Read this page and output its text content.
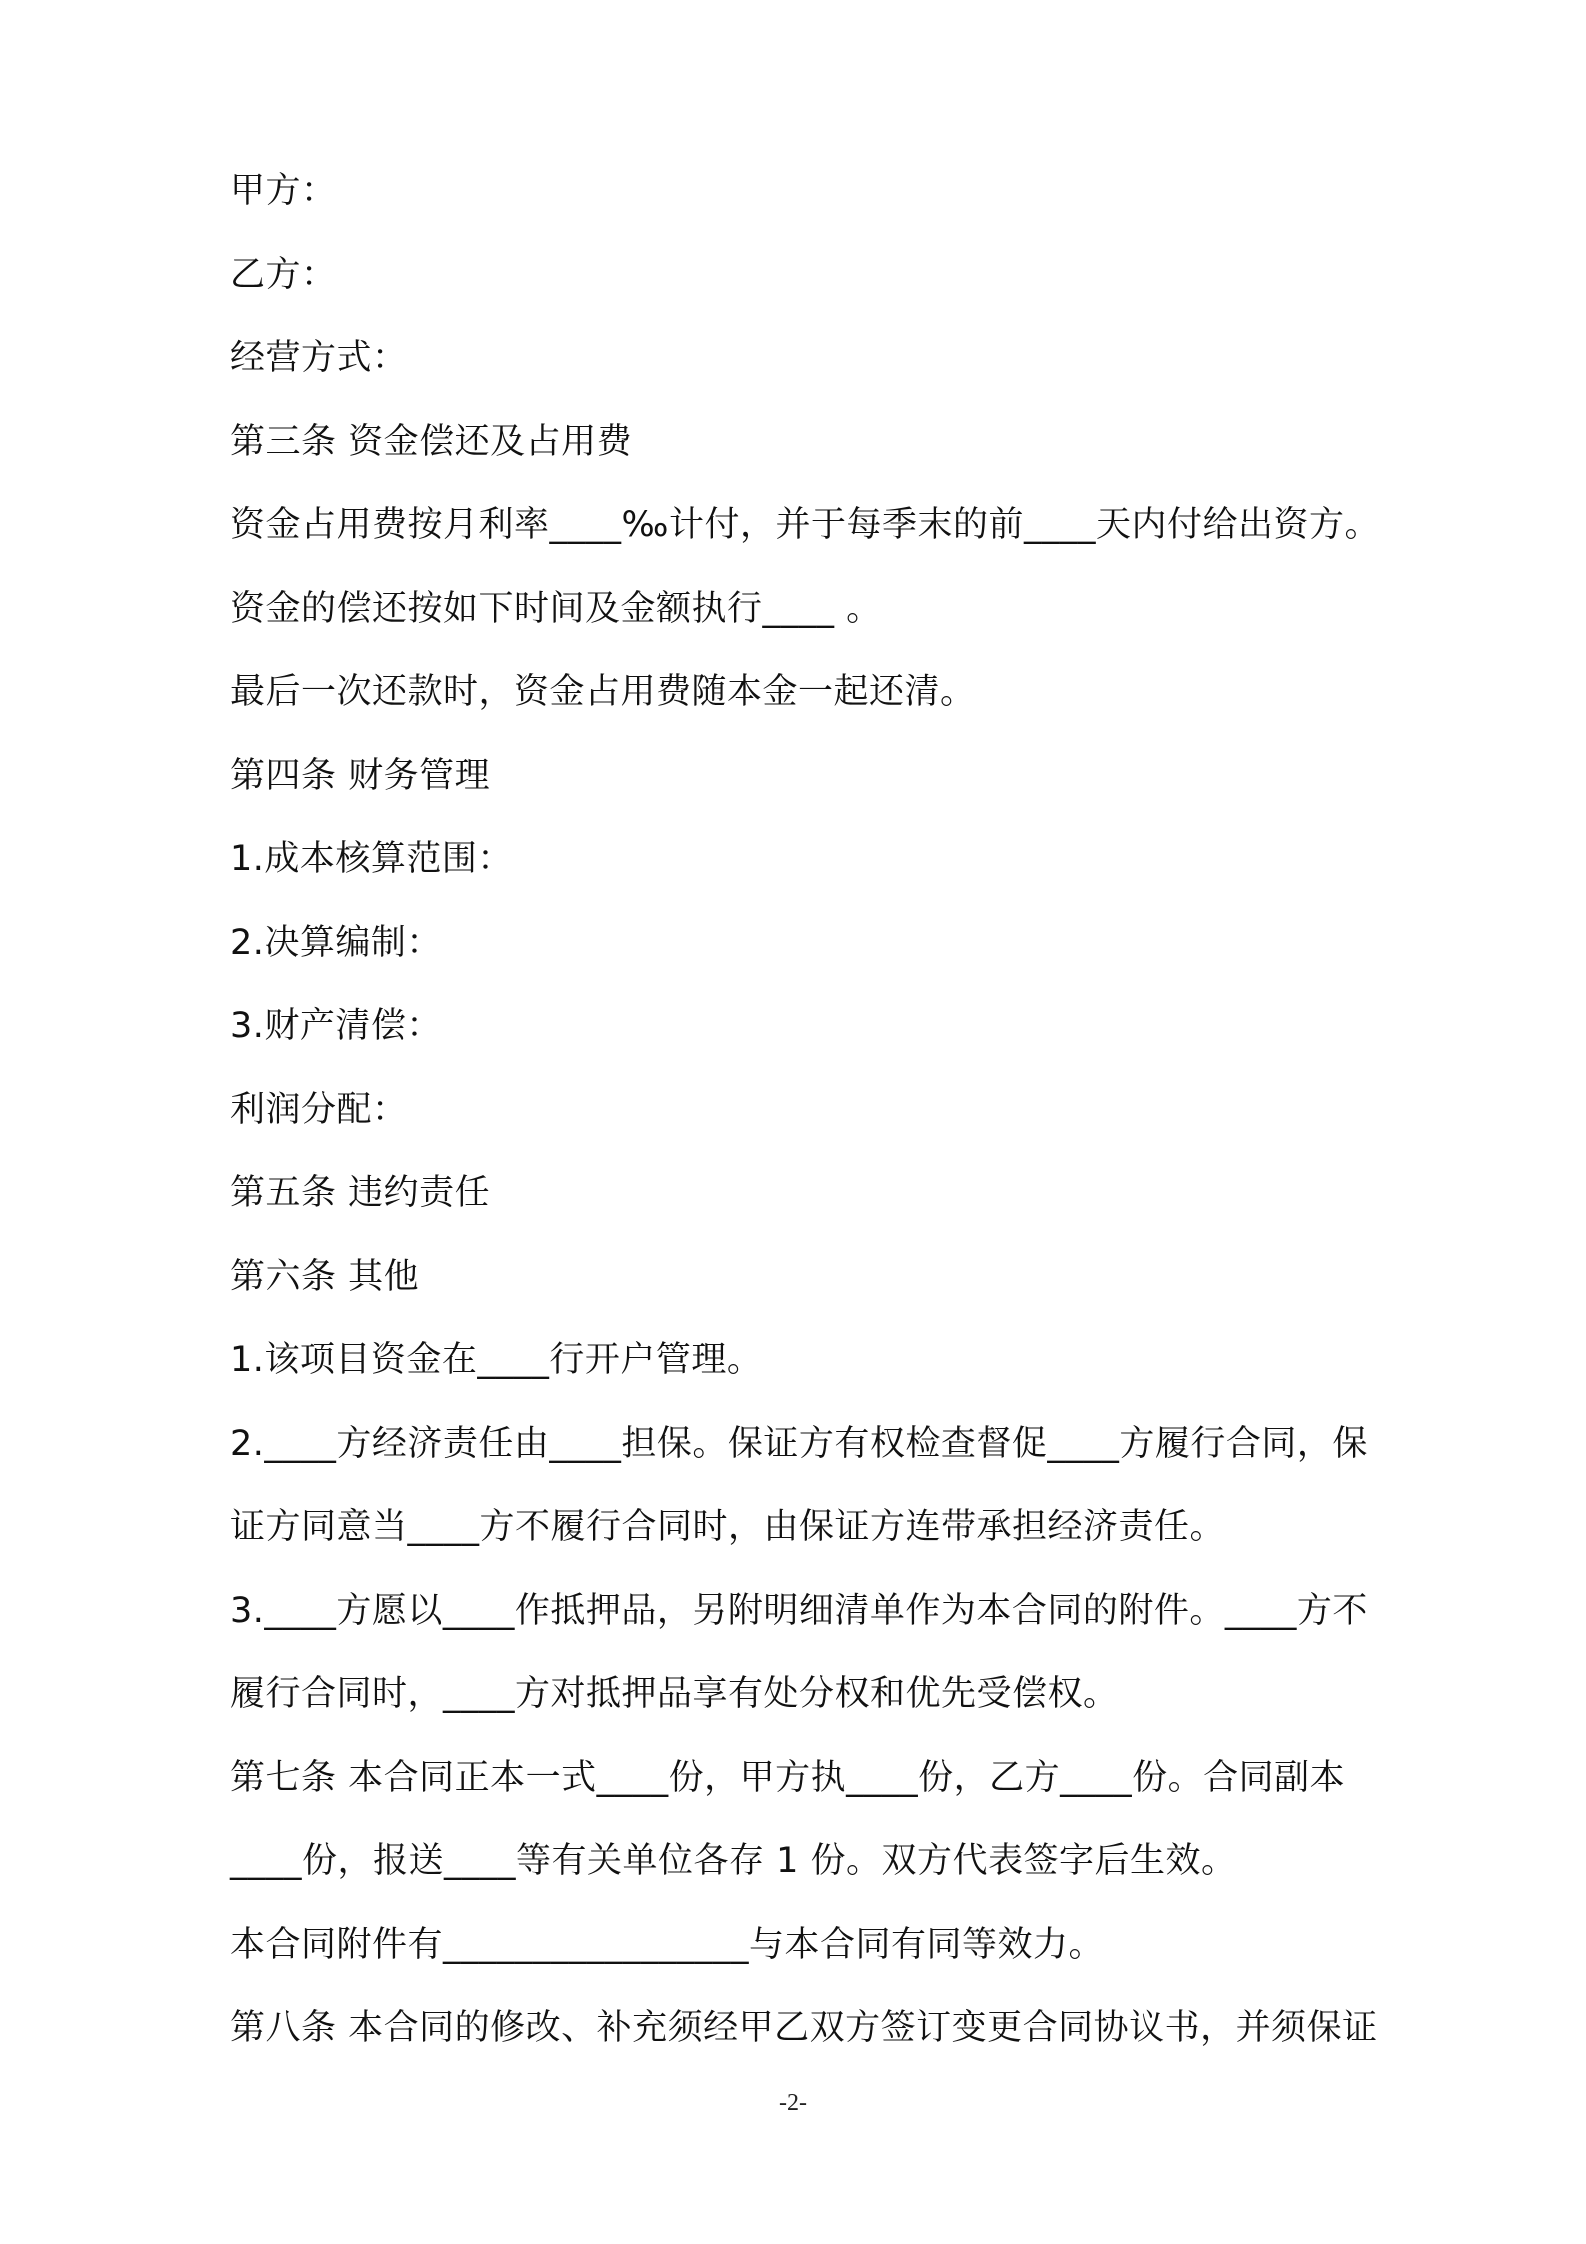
甲方：
乙方：
经营方式：
第三条 资金偿还及占用费
资金占用费按月利率____‰计付，并于每季末的前____天内付给出资方。
资金的偿还按如下时间及金额执行____ 。
最后一次还款时，资金占用费随本金一起还清。
第四条 财务管理
1.成本核算范围：
2.决算编制：
3.财产清偿：
利润分配：
第五条 违约责任
第六条 其他
1.该项目资金在____行开户管理。
2.____方经济责任由____担保。保证方有权检查督促____方履行合同，保
证方同意当____方不履行合同时，由保证方连带承担经济责任。
3.____方愿以____作抵押品，另附明细清单作为本合同的附件。____方不
履行合同时，____方对抵押品享有处分权和优先受偿权。
第七条 本合同正本一式____份，甲方执____份，乙方____份。合同副本
____份，报送____等有关单位各存 1 份。双方代表签字后生效。
本合同附件有_________________与本合同有同等效力。
第八条 本合同的修改、补充须经甲乙双方签订变更合同协议书，并须保证
-2-
